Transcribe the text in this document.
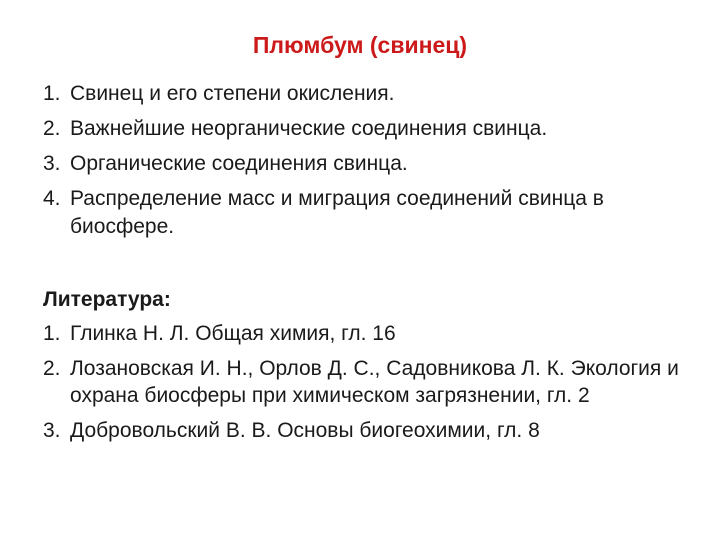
Плюмбум (свинец)
1. Свинец и его степени окисления.
2. Важнейшие неорганические соединения свинца.
3. Органические соединения свинца.
4. Распределение масс и миграция соединений свинца в биосфере.
Литература:
1. Глинка Н. Л. Общая химия, гл. 16
2. Лозановская И. Н., Орлов Д. С., Садовникова Л. К. Экология и охрана биосферы при химическом загрязнении, гл. 2
3. Добровольский В. В. Основы биогеохимии, гл. 8
